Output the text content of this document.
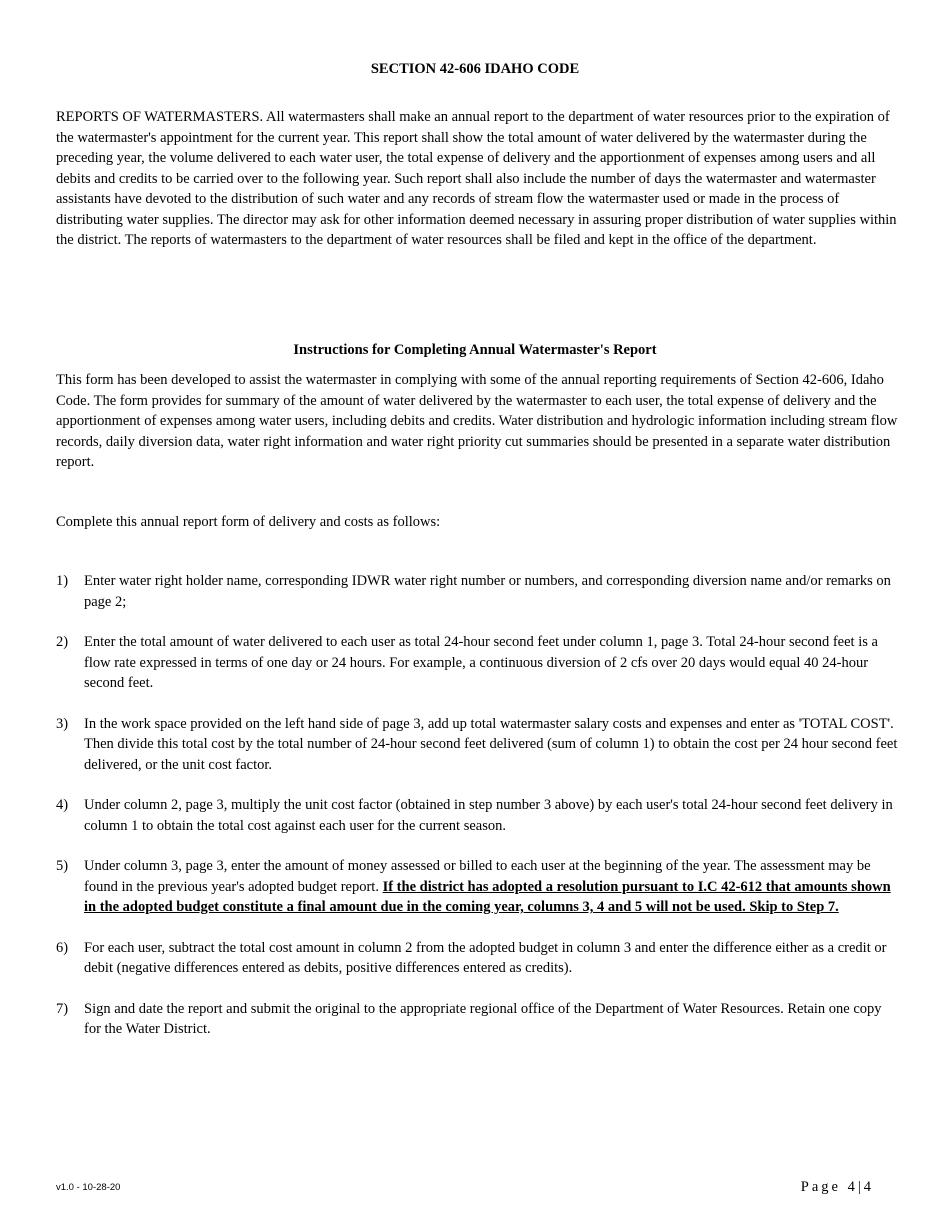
SECTION 42-606 IDAHO CODE

REPORTS OF WATERMASTERS. All watermasters shall make an annual report to the department of water resources prior to the expiration of the watermaster's appointment for the current year. This report shall show the total amount of water delivered by the watermaster during the preceding year, the volume delivered to each water user, the total expense of delivery and the apportionment of expenses among users and all debits and credits to be carried over to the following year. Such report shall also include the number of days the watermaster and watermaster assistants have devoted to the distribution of such water and any records of stream flow the watermaster used or made in the process of distributing water supplies. The director may ask for other information deemed necessary in assuring proper distribution of water supplies within the district. The reports of watermasters to the department of water resources shall be filed and kept in the office of the department.

Instructions for Completing Annual Watermaster's Report

This form has been developed to assist the watermaster in complying with some of the annual reporting requirements of Section 42-606, Idaho Code. The form provides for summary of the amount of water delivered by the watermaster to each user, the total expense of delivery and the apportionment of expenses among water users, including debits and credits. Water distribution and hydrologic information including stream flow records, daily diversion data, water right information and water right priority cut summaries should be presented in a separate water distribution report.

Complete this annual report form of delivery and costs as follows:

1) Enter water right holder name, corresponding IDWR water right number or numbers, and corresponding diversion name and/or remarks on page 2;
2) Enter the total amount of water delivered to each user as total 24-hour second feet under column 1, page 3. Total 24-hour second feet is a flow rate expressed in terms of one day or 24 hours. For example, a continuous diversion of 2 cfs over 20 days would equal 40 24-hour second feet.
3) In the work space provided on the left hand side of page 3, add up total watermaster salary costs and expenses and enter as 'TOTAL COST'. Then divide this total cost by the total number of 24-hour second feet delivered (sum of column 1) to obtain the cost per 24 hour second feet delivered, or the unit cost factor.
4) Under column 2, page 3, multiply the unit cost factor (obtained in step number 3 above) by each user's total 24-hour second feet delivery in column 1 to obtain the total cost against each user for the current season.
5) Under column 3, page 3, enter the amount of money assessed or billed to each user at the beginning of the year. The assessment may be found in the previous year's adopted budget report. If the district has adopted a resolution pursuant to I.C 42-612 that amounts shown in the adopted budget constitute a final amount due in the coming year, columns 3, 4 and 5 will not be used. Skip to Step 7.
6) For each user, subtract the total cost amount in column 2 from the adopted budget in column 3 and enter the difference either as a credit or debit (negative differences entered as debits, positive differences entered as credits).
7) Sign and date the report and submit the original to the appropriate regional office of the Department of Water Resources. Retain one copy for the Water District.
v1.0 - 10-28-20	Page 4|4
